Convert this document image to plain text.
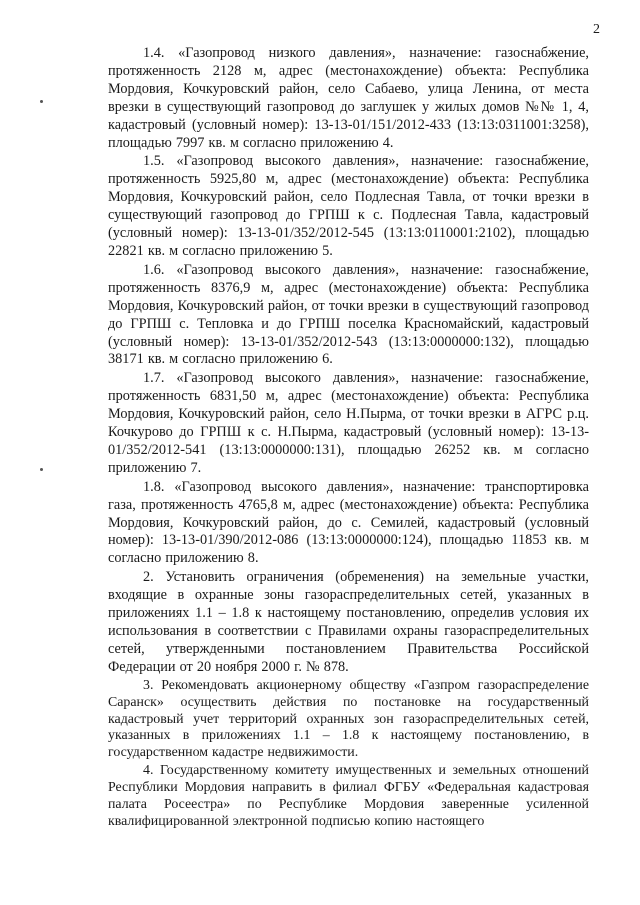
2

1.4. «Газопровод низкого давления», назначение: газоснабжение, протяженность 2128 м, адрес (местонахождение) объекта: Республика Мордовия, Кочкуровский район, село Сабаево, улица Ленина, от места врезки в существующий газопровод до заглушек у жилых домов №№ 1, 4, кадастровый (условный номер): 13-13-01/151/2012-433 (13:13:0311001:3258), площадью 7997 кв. м согласно приложению 4.

1.5. «Газопровод высокого давления», назначение: газоснабжение, протяженность 5925,80 м, адрес (местонахождение) объекта: Республика Мордовия, Кочкуровский район, село Подлесная Тавла, от точки врезки в существующий газопровод до ГРПШ к с. Подлесная Тавла, кадастровый (условный номер): 13-13-01/352/2012-545 (13:13:0110001:2102), площадью 22821 кв. м согласно приложению 5.

1.6. «Газопровод высокого давления», назначение: газоснабжение, протяженность 8376,9 м, адрес (местонахождение) объекта: Республика Мордовия, Кочкуровский район, от точки врезки в существующий газопровод до ГРПШ с. Тепловка и до ГРПШ поселка Красномайский, кадастровый (условный номер): 13-13-01/352/2012-543 (13:13:0000000:132), площадью 38171 кв. м согласно приложению 6.

1.7. «Газопровод высокого давления», назначение: газоснабжение, протяженность 6831,50 м, адрес (местонахождение) объекта: Республика Мордовия, Кочкуровский район, село Н.Пырма, от точки врезки в АГРС р.ц. Кочкурово до ГРПШ к с. Н.Пырма, кадастровый (условный номер): 13-13-01/352/2012-541 (13:13:0000000:131), площадью 26252 кв. м согласно приложению 7.

1.8. «Газопровод высокого давления», назначение: транспортировка газа, протяженность 4765,8 м, адрес (местонахождение) объекта: Республика Мордовия, Кочкуровский район, до с. Семилей, кадастровый (условный номер): 13-13-01/390/2012-086 (13:13:0000000:124), площадью 11853 кв. м согласно приложению 8.

2. Установить ограничения (обременения) на земельные участки, входящие в охранные зоны газораспределительных сетей, указанных в приложениях 1.1 – 1.8 к настоящему постановлению, определив условия их использования в соответствии с Правилами охраны газораспределительных сетей, утвержденными постановлением Правительства Российской Федерации от 20 ноября 2000 г. № 878.

3. Рекомендовать акционерному обществу «Газпром газораспределение Саранск» осуществить действия по постановке на государственный кадастровый учет территорий охранных зон газораспределительных сетей, указанных в приложениях 1.1 – 1.8 к настоящему постановлению, в государственном кадастре недвижимости.

4. Государственному комитету имущественных и земельных отношений Республики Мордовия направить в филиал ФГБУ «Федеральная кадастровая палата Росеестра» по Республике Мордовия заверенные усиленной квалифицированной электронной подписью копию настоящего
